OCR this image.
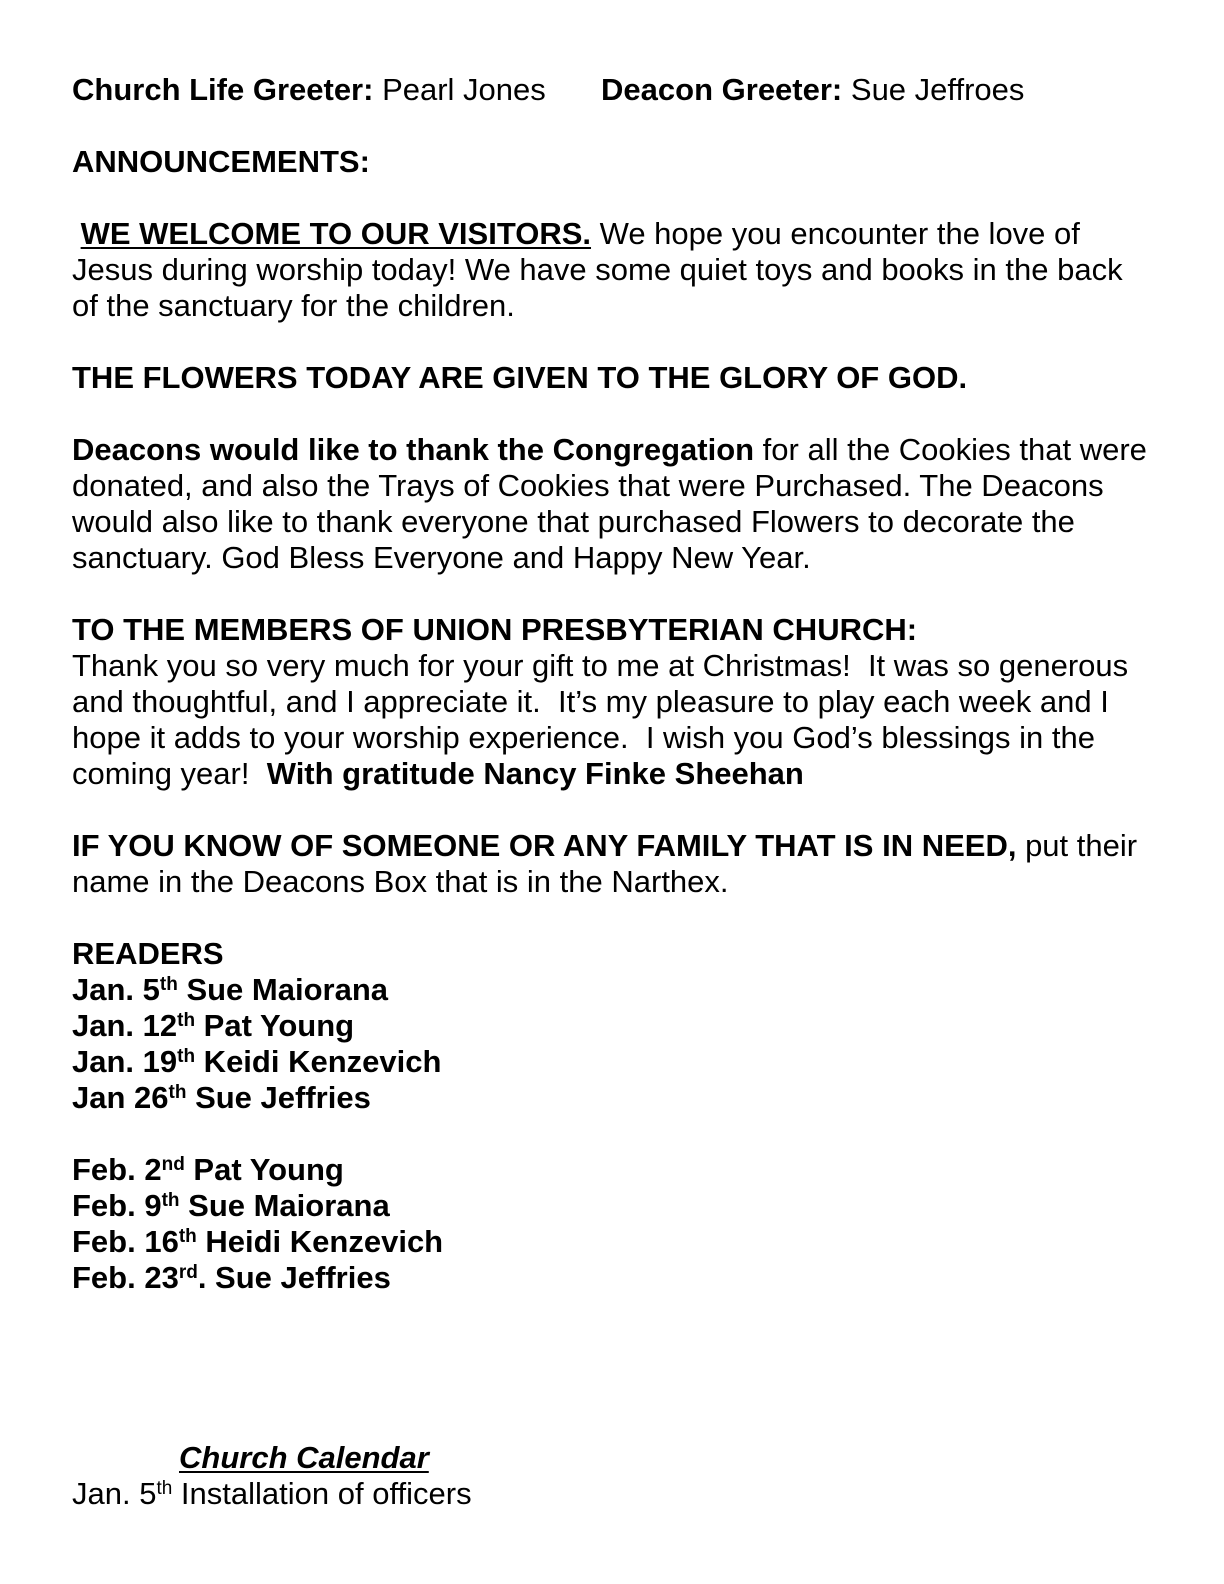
Church Life Greeter: Pearl Jones Deacon Greeter: Sue Jeffroes

ANNOUNCEMENTS:

WE WELCOME TO OUR VISITORS. We hope you encounter the love of Jesus during worship today! We have some quiet toys and books in the back of the sanctuary for the children.

THE FLOWERS TODAY ARE GIVEN TO THE GLORY OF GOD.

Deacons would like to thank the Congregation for all the Cookies that were donated, and also the Trays of Cookies that were Purchased. The Deacons would also like to thank everyone that purchased Flowers to decorate the sanctuary. God Bless Everyone and Happy New Year.

TO THE MEMBERS OF UNION PRESBYTERIAN CHURCH:

Thank you so very much for your gift to me at Christmas!  It was so generous and thoughtful, and I appreciate it.  It’s my pleasure to play each week and I hope it adds to your worship experience.  I wish you God’s blessings in the coming year!  With gratitude Nancy Finke Sheehan

IF YOU KNOW OF SOMEONE OR ANY FAMILY THAT IS IN NEED, put their name in the Deacons Box that is in the Narthex.

READERS

Jan. 5th Sue Maiorana

Jan. 12th Pat Young

Jan. 19th Keidi Kenzevich

Jan 26th Sue Jeffries

Feb. 2nd Pat Young

Feb. 9th Sue Maiorana

Feb. 16th Heidi Kenzevich

Feb. 23rd. Sue Jeffries

Church Calendar

Jan. 5th Installation of officers
